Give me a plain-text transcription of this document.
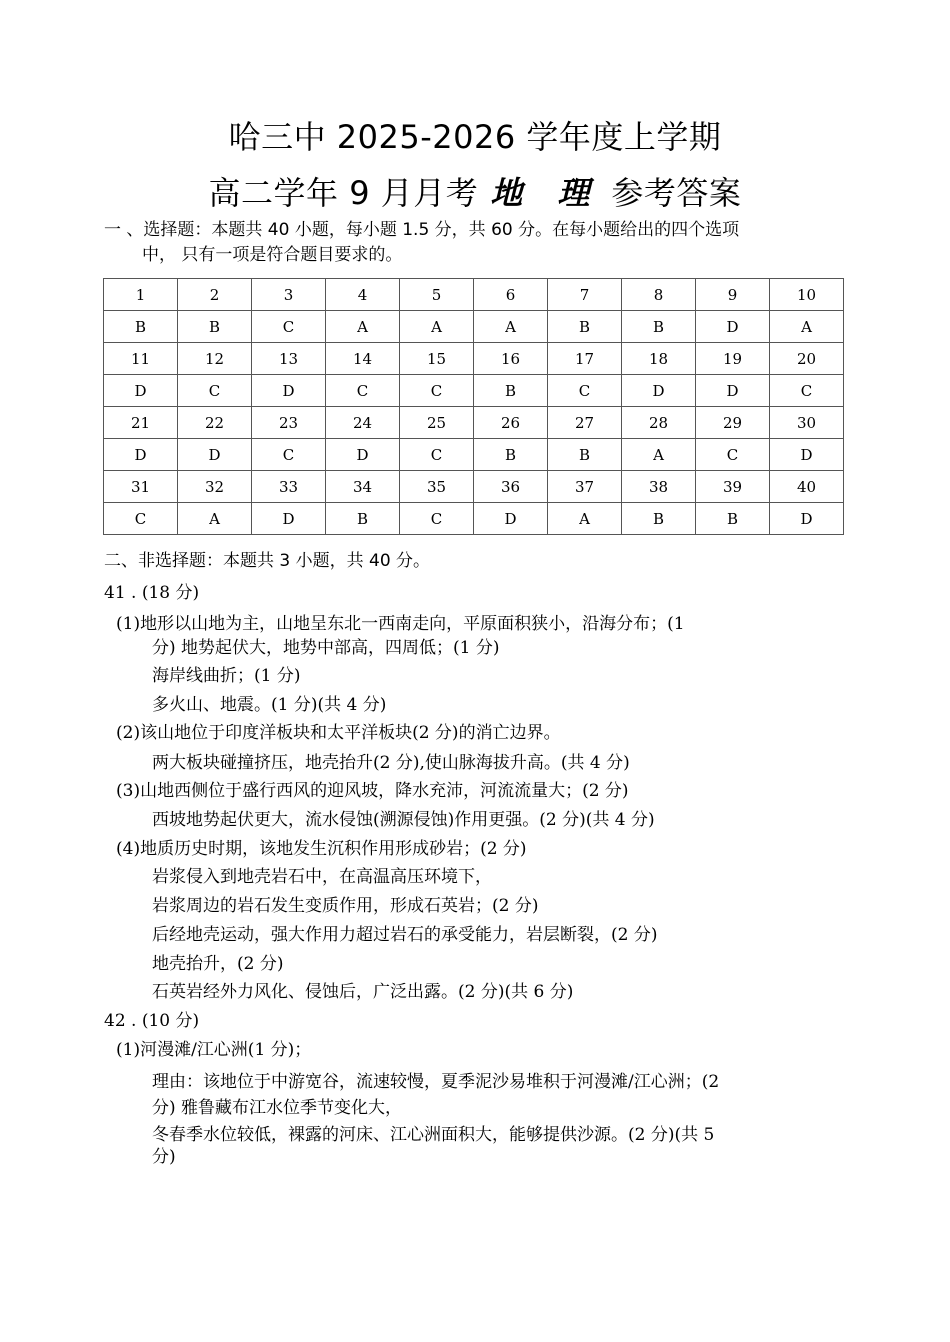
哈三中 2025-2026 学年度上学期
高二学年 9 月月考 地 理 参考答案
一 、选择题：本题共 40 小题，每小题 1.5 分，共 60 分。在每小题给出的四个选项
中， 只有一项是符合题目要求的。
1	2	3	4	5	6	7	8	9	10
B	B	C	A	A	A	B	B	D	A
11	12	13	14	15	16	17	18	19	20
D	C	D	C	C	B	C	D	D	C
21	22	23	24	25	26	27	28	29	30
D	D	C	D	C	B	B	A	C	D
31	32	33	34	35	36	37	38	39	40
C	A	D	B	C	D	A	B	B	D
二、非选择题：本题共 3 小题，共 40 分。
41 . (18 分)
(1)地形以山地为主，山地呈东北一西南走向，平原面积狭小，沿海分布；(1
分) 地势起伏大，地势中部高，四周低；(1 分)
海岸线曲折；(1 分)
多火山、地震。(1 分)(共 4 分)
(2)该山地位于印度洋板块和太平洋板块(2 分)的消亡边界。
两大板块碰撞挤压，地壳抬升(2 分),使山脉海拔升高。(共 4 分)
(3)山地西侧位于盛行西风的迎风坡，降水充沛，河流流量大；(2 分)
西坡地势起伏更大，流水侵蚀(溯源侵蚀)作用更强。(2 分)(共 4 分)
(4)地质历史时期，该地发生沉积作用形成砂岩；(2 分)
岩浆侵入到地壳岩石中，在高温高压环境下，
岩浆周边的岩石发生变质作用，形成石英岩；(2 分)
后经地壳运动，强大作用力超过岩石的承受能力，岩层断裂，(2 分)
地壳抬升，(2 分)
石英岩经外力风化、侵蚀后，广泛出露。(2 分)(共 6 分)
42 . (10 分)
(1)河漫滩/江心洲(1 分)；
理由：该地位于中游宽谷，流速较慢，夏季泥沙易堆积于河漫滩/江心洲；(2
分) 雅鲁藏布江水位季节变化大，
冬春季水位较低，裸露的河床、江心洲面积大，能够提供沙源。(2 分)(共 5
分)
